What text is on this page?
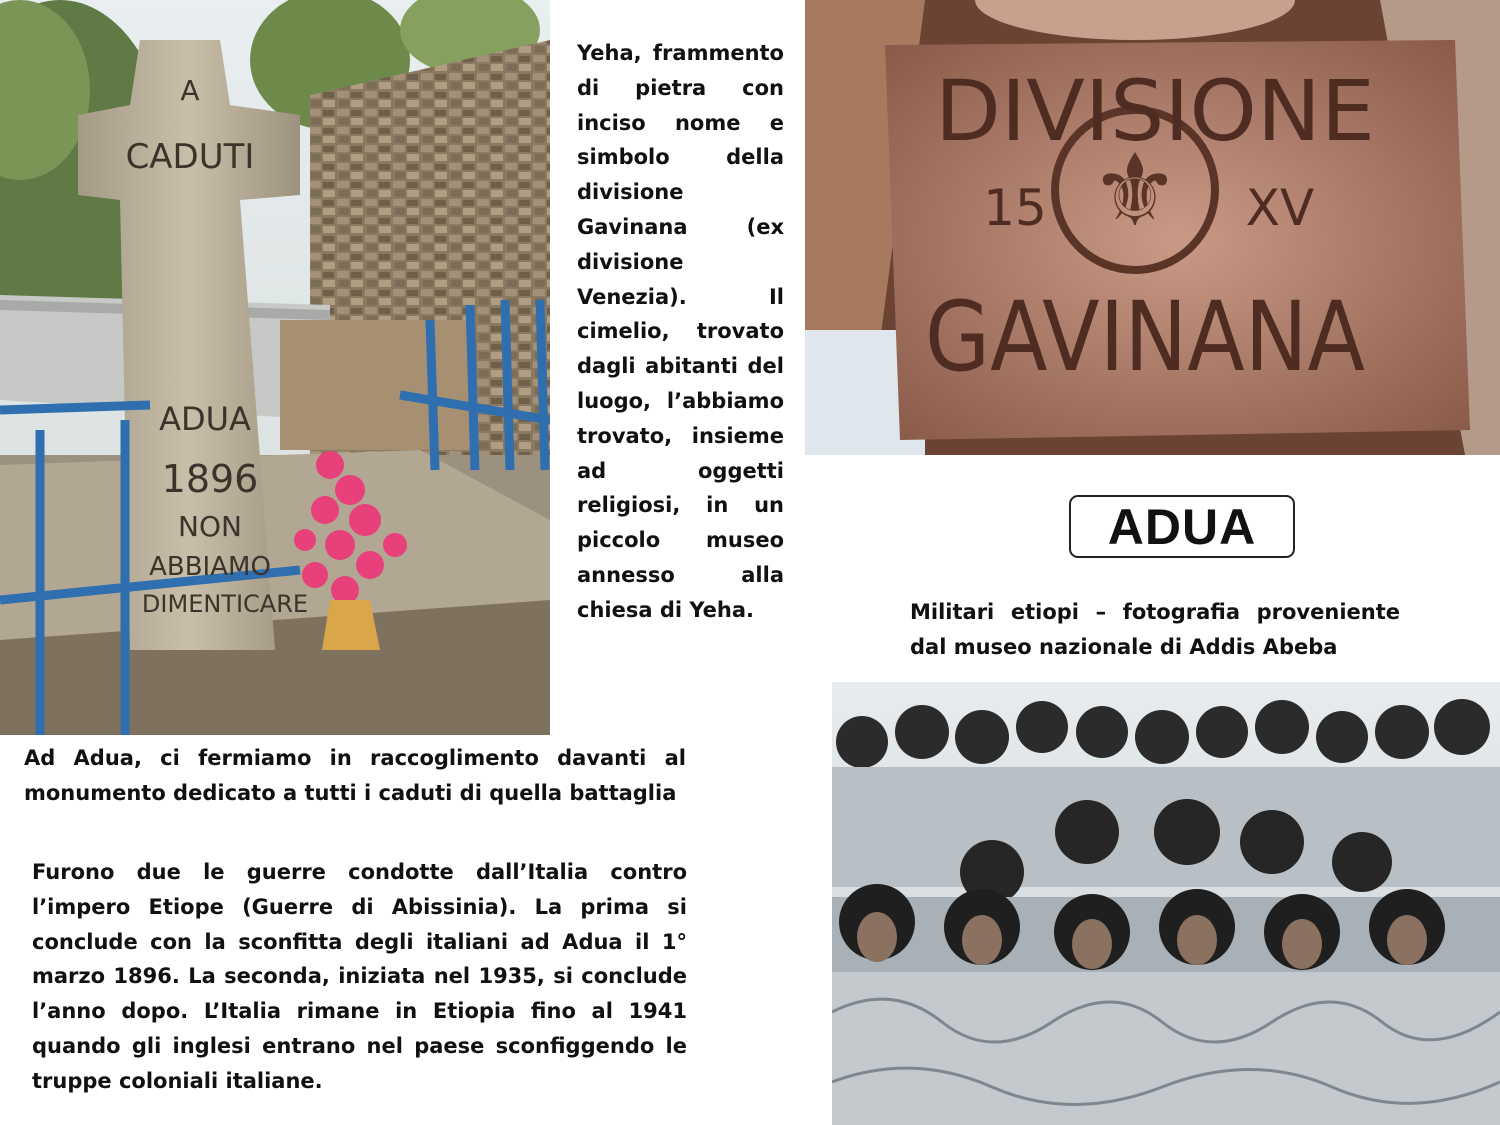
A
CADUTI
ADUA
1896
NON
ABBIAMO
DIMENTICARE

Yeha, frammento di pietra con inciso nome e simbolo della divisione Gavinana (ex divisione Venezia). Il cimelio, trovato dagli abitanti del luogo, l’abbiamo trovato, insieme ad oggetti religiosi, in un piccolo museo annesso alla chiesa di Yeha.

⚜
DIVISIONE
15	XV
GAVINANA
ADUA

Militari etiopi – fotografia proveniente dal museo nazionale di Addis Abeba

Ad Adua, ci fermiamo in raccoglimento davanti al monumento dedicato a tutti i caduti di quella battaglia

Furono due le guerre condotte dall’Italia contro l’impero Etiope (Guerre di Abissinia). La prima si conclude con la sconfitta degli italiani ad Adua il 1° marzo 1896. La seconda, iniziata nel 1935, si conclude l’anno dopo. L’Italia rimane in Etiopia fino al 1941 quando gli inglesi entrano nel paese sconfiggendo le truppe coloniali italiane.
